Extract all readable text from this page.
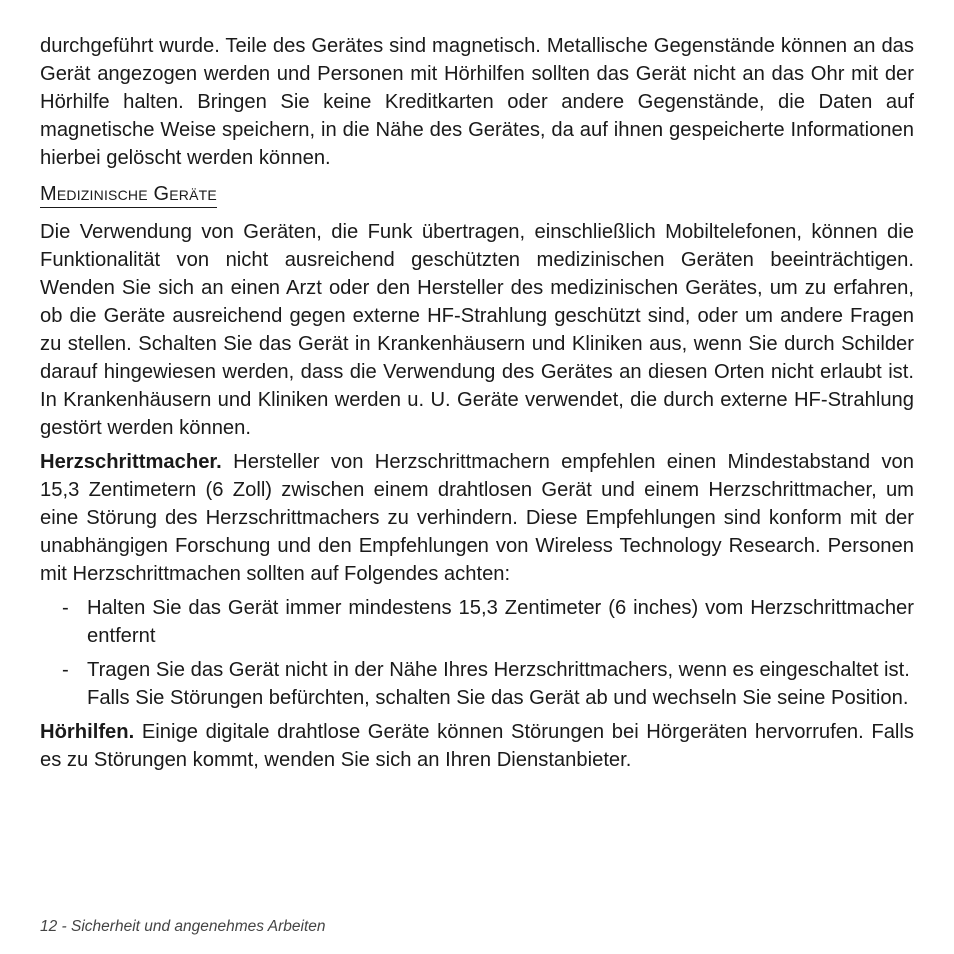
durchgeführt wurde. Teile des Gerätes sind magnetisch. Metallische Gegenstände können an das Gerät angezogen werden und Personen mit Hörhilfen sollten das Gerät nicht an das Ohr mit der Hörhilfe halten. Bringen Sie keine Kreditkarten oder andere Gegenstände, die Daten auf magnetische Weise speichern, in die Nähe des Gerätes, da auf ihnen gespeicherte Informationen hierbei gelöscht werden können.

Medizinische Geräte

Die Verwendung von Geräten, die Funk übertragen, einschließlich Mobiltelefonen, können die Funktionalität von nicht ausreichend geschützten medizinischen Geräten beeinträchtigen. Wenden Sie sich an einen Arzt oder den Hersteller des medizinischen Gerätes, um zu erfahren, ob die Geräte ausreichend gegen externe HF-Strahlung geschützt sind, oder um andere Fragen zu stellen. Schalten Sie das Gerät in Krankenhäusern und Kliniken aus, wenn Sie durch Schilder darauf hingewiesen werden, dass die Verwendung des Gerätes an diesen Orten nicht erlaubt ist. In Krankenhäusern und Kliniken werden u. U. Geräte verwendet, die durch externe HF-Strahlung gestört werden können.

Herzschrittmacher. Hersteller von Herzschrittmachern empfehlen einen Mindestabstand von 15,3 Zentimetern (6 Zoll) zwischen einem drahtlosen Gerät und einem Herzschrittmacher, um eine Störung des Herzschrittmachers zu verhindern. Diese Empfehlungen sind konform mit der unabhängigen Forschung und den Empfehlungen von Wireless Technology Research. Personen mit Herzschrittmachen sollten auf Folgendes achten:

- Halten Sie das Gerät immer mindestens 15,3 Zentimeter (6 inches) vom Herzschrittmacher entfernt

- Tragen Sie das Gerät nicht in der Nähe Ihres Herzschrittmachers, wenn es eingeschaltet ist.

Falls Sie Störungen befürchten, schalten Sie das Gerät ab und wechseln Sie seine Position.

Hörhilfen. Einige digitale drahtlose Geräte können Störungen bei Hörgeräten hervorrufen. Falls es zu Störungen kommt, wenden Sie sich an Ihren Dienstanbieter.

12 - Sicherheit und angenehmes Arbeiten
